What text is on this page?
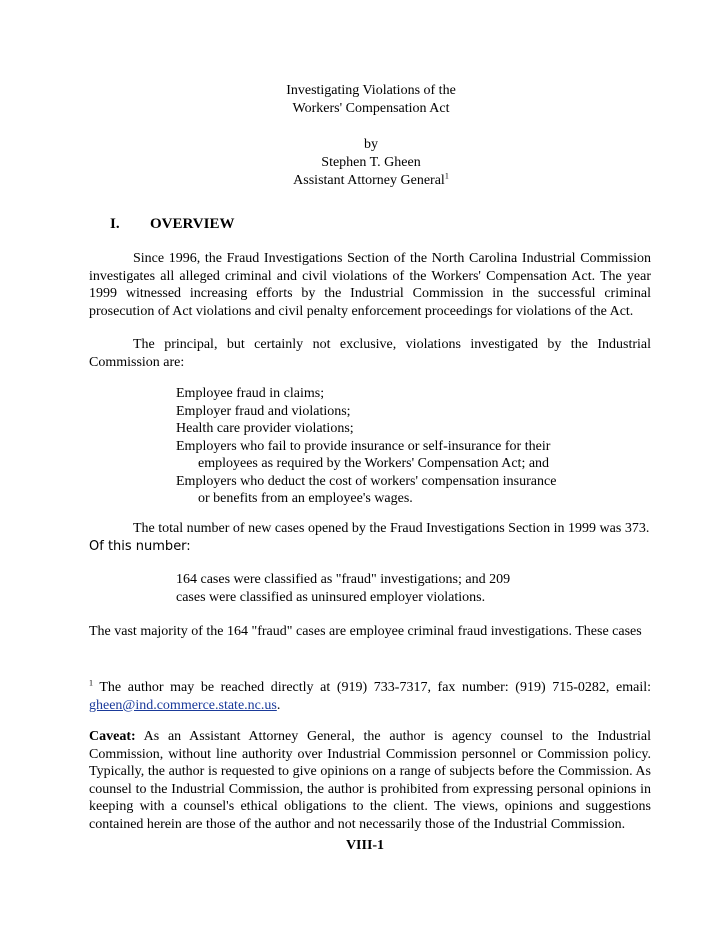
Investigating Violations of the
Workers' Compensation Act
by
Stephen T. Gheen
Assistant Attorney General$^1$
I. OVERVIEW
Since 1996, the Fraud Investigations Section of the North Carolina Industrial Commission investigates all alleged criminal and civil violations of the Workers' Compensation Act. The year 1999 witnessed increasing efforts by the Industrial Commission in the successful criminal prosecution of Act violations and civil penalty enforcement proceedings for violations of the Act.
The principal, but certainly not exclusive, violations investigated by the Industrial Commission are:
Employee fraud in claims;
Employer fraud and violations;
Health care provider violations;
Employers who fail to provide insurance or self-insurance for their
employees as required by the Workers' Compensation Act; and
Employers who deduct the cost of workers' compensation insurance
or benefits from an employee's wages.
The total number of new cases opened by the Fraud Investigations Section in 1999 was 373.
Of this number:
164 cases were classified as "fraud" investigations; and 209
cases were classified as uninsured employer violations.
The vast majority of the 164 "fraud" cases are employee criminal fraud investigations. These cases
$^1$ The author may be reached directly at (919) 733-7317, fax number: (919) 715-0282, email: gheen@ind.commerce.state.nc.us.
Caveat: As an Assistant Attorney General, the author is agency counsel to the Industrial Commission, without line authority over Industrial Commission personnel or Commission policy. Typically, the author is requested to give opinions on a range of subjects before the Commission. As counsel to the Industrial Commission, the author is prohibited from expressing personal opinions in keeping with a counsel's ethical obligations to the client. The views, opinions and suggestions contained herein are those of the author and not necessarily those of the Industrial Commission.
VIII-1
